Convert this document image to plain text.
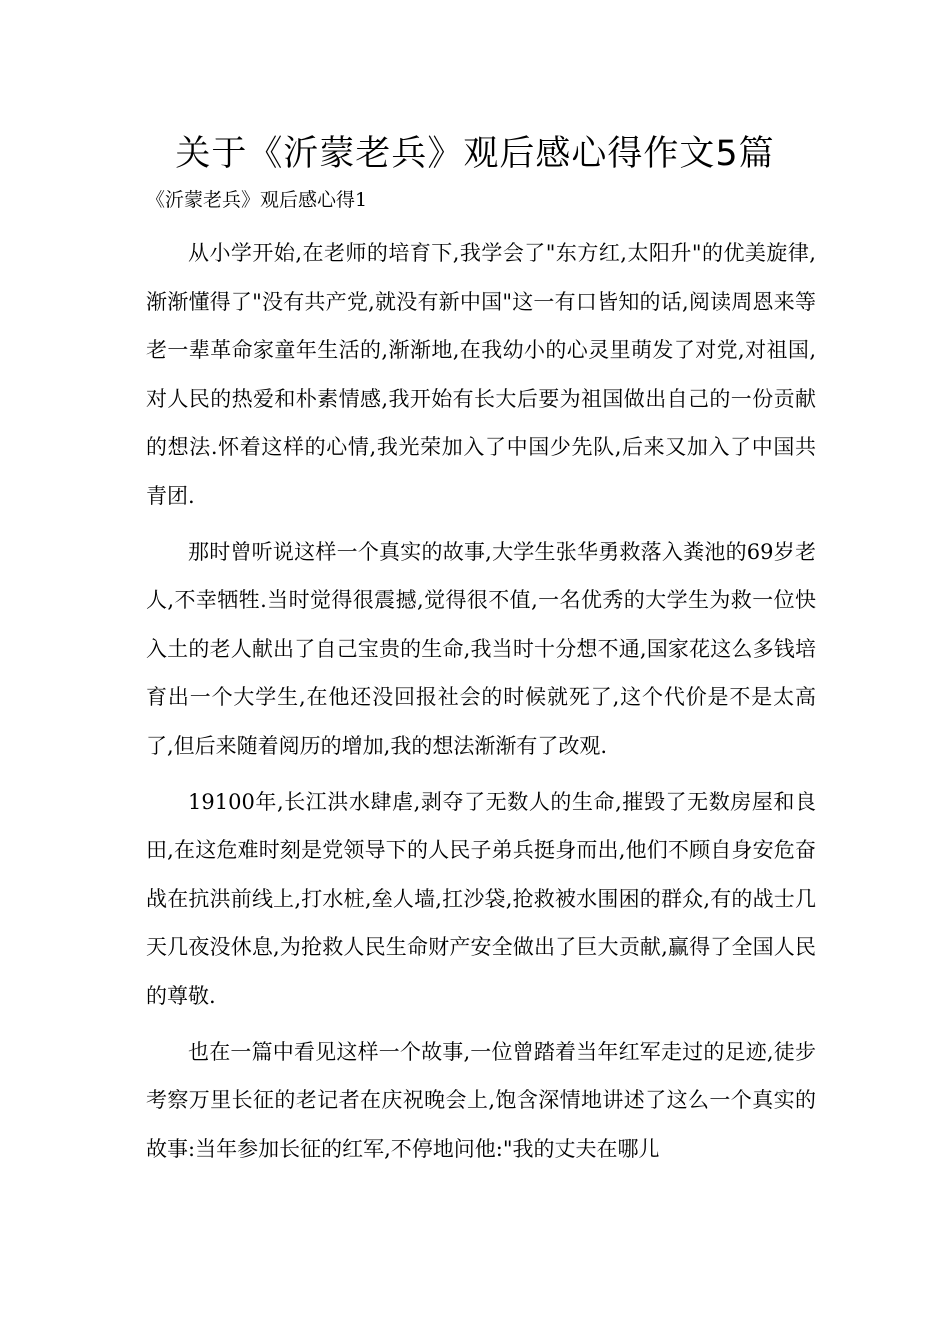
关于《沂蒙老兵》观后感心得作文5篇

《沂蒙老兵》观后感心得1

从小学开始,在老师的培育下,我学会了"东方红,太阳升"的优美旋律,渐渐懂得了"没有共产党,就没有新中国"这一有口皆知的话,阅读周恩来等老一辈革命家童年生活的,渐渐地,在我幼小的心灵里萌发了对党,对祖国,对人民的热爱和朴素情感,我开始有长大后要为祖国做出自己的一份贡献的想法.怀着这样的心情,我光荣加入了中国少先队,后来又加入了中国共青团.

那时曾听说这样一个真实的故事,大学生张华勇救落入粪池的69岁老人,不幸牺牲.当时觉得很震撼,觉得很不值,一名优秀的大学生为救一位快入土的老人献出了自己宝贵的生命,我当时十分想不通,国家花这么多钱培育出一个大学生,在他还没回报社会的时候就死了,这个代价是不是太高了,但后来随着阅历的增加,我的想法渐渐有了改观.

19100年,长江洪水肆虐,剥夺了无数人的生命,摧毁了无数房屋和良田,在这危难时刻是党领导下的人民子弟兵挺身而出,他们不顾自身安危奋战在抗洪前线上,打水桩,垒人墙,扛沙袋,抢救被水围困的群众,有的战士几天几夜没休息,为抢救人民生命财产安全做出了巨大贡献,赢得了全国人民的尊敬.

也在一篇中看见这样一个故事,一位曾踏着当年红军走过的足迹,徒步考察万里长征的老记者在庆祝晚会上,饱含深情地讲述了这么一个真实的故事:当年参加长征的红军,不停地问他:"我的丈夫在哪儿
